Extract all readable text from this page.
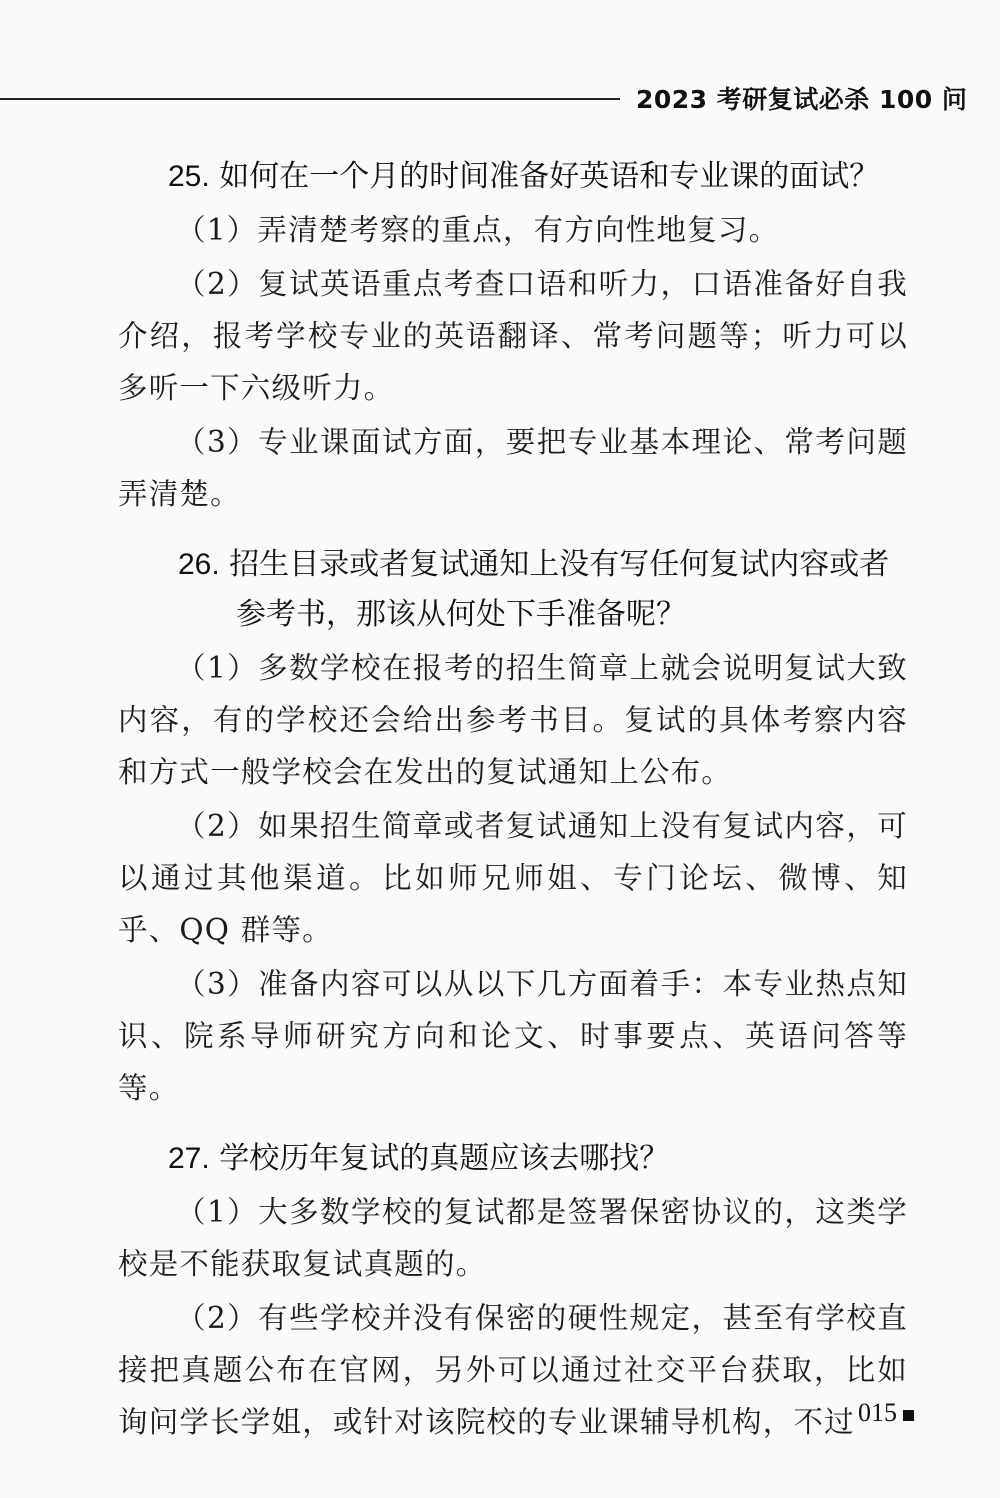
2023 考研复试必杀 100 问

25. 如何在一个月的时间准备好英语和专业课的面试？

（1）弄清楚考察的重点，有方向性地复习。

（2）复试英语重点考查口语和听力，口语准备好自我介绍，报考学校专业的英语翻译、常考问题等；听力可以多听一下六级听力。

（3）专业课面试方面，要把专业基本理论、常考问题弄清楚。

26. 招生目录或者复试通知上没有写任何复试内容或者参考书，那该从何处下手准备呢？

（1）多数学校在报考的招生简章上就会说明复试大致内容，有的学校还会给出参考书目。复试的具体考察内容和方式一般学校会在发出的复试通知上公布。

（2）如果招生简章或者复试通知上没有复试内容，可以通过其他渠道。比如师兄师姐、专门论坛、微博、知乎、QQ 群等。

（3）准备内容可以从以下几方面着手：本专业热点知识、院系导师研究方向和论文、时事要点、英语问答等等。

27. 学校历年复试的真题应该去哪找？

（1）大多数学校的复试都是签署保密协议的，这类学校是不能获取复试真题的。

（2）有些学校并没有保密的硬性规定，甚至有学校直接把真题公布在官网，另外可以通过社交平台获取，比如询问学长学姐，或针对该院校的专业课辅导机构，不过 015
